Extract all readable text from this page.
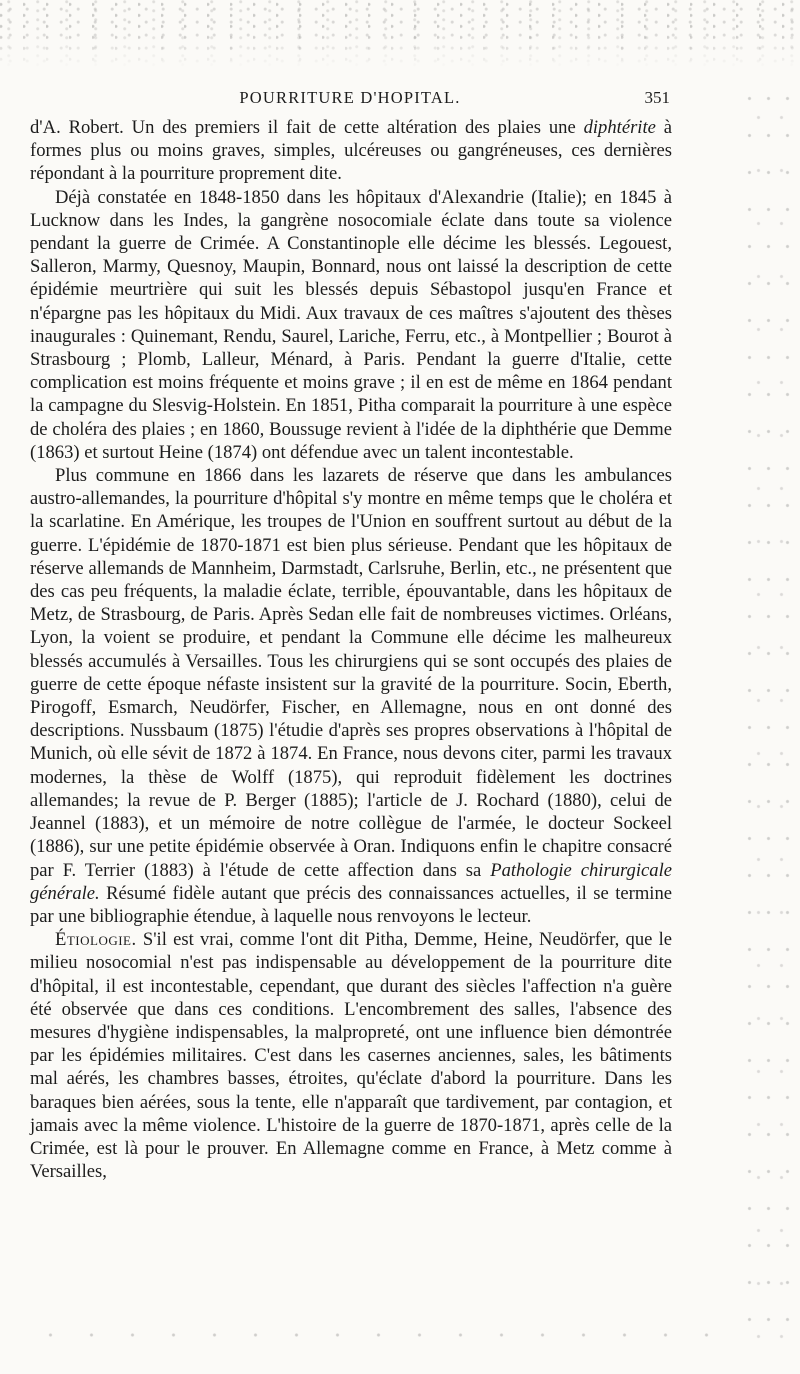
POURRITURE D'HOPITAL.	351

d'A. Robert. Un des premiers il fait de cette altération des plaies une diphtérite à formes plus ou moins graves, simples, ulcéreuses ou gangréneuses, ces dernières répondant à la pourriture proprement dite.

Déjà constatée en 1848-1850 dans les hôpitaux d'Alexandrie (Italie); en 1845 à Lucknow dans les Indes, la gangrène nosocomiale éclate dans toute sa violence pendant la guerre de Crimée. A Constantinople elle décime les blessés. Legouest, Salleron, Marmy, Quesnoy, Maupin, Bonnard, nous ont laissé la description de cette épidémie meurtrière qui suit les blessés depuis Sébastopol jusqu'en France et n'épargne pas les hôpitaux du Midi. Aux travaux de ces maîtres s'ajoutent des thèses inaugurales : Quinemant, Rendu, Saurel, Lariche, Ferru, etc., à Montpellier ; Bourot à Strasbourg ; Plomb, Lalleur, Ménard, à Paris. Pendant la guerre d'Italie, cette complication est moins fréquente et moins grave ; il en est de même en 1864 pendant la campagne du Slesvig-Holstein. En 1851, Pitha comparait la pourriture à une espèce de choléra des plaies ; en 1860, Boussuge revient à l'idée de la diphthérie que Demme (1863) et surtout Heine (1874) ont défendue avec un talent incontestable.

Plus commune en 1866 dans les lazarets de réserve que dans les ambulances austro-allemandes, la pourriture d'hôpital s'y montre en même temps que le choléra et la scarlatine. En Amérique, les troupes de l'Union en souffrent surtout au début de la guerre. L'épidémie de 1870-1871 est bien plus sérieuse. Pendant que les hôpitaux de réserve allemands de Mannheim, Darmstadt, Carlsruhe, Berlin, etc., ne présentent que des cas peu fréquents, la maladie éclate, terrible, épouvantable, dans les hôpitaux de Metz, de Strasbourg, de Paris. Après Sedan elle fait de nombreuses victimes. Orléans, Lyon, la voient se produire, et pendant la Commune elle décime les malheureux blessés accumulés à Versailles. Tous les chirurgiens qui se sont occupés des plaies de guerre de cette époque néfaste insistent sur la gravité de la pourriture. Socin, Eberth, Pirogoff, Esmarch, Neudörfer, Fischer, en Allemagne, nous en ont donné des descriptions. Nussbaum (1875) l'étudie d'après ses propres observations à l'hôpital de Munich, où elle sévit de 1872 à 1874. En France, nous devons citer, parmi les travaux modernes, la thèse de Wolff (1875), qui reproduit fidèlement les doctrines allemandes; la revue de P. Berger (1885); l'article de J. Rochard (1880), celui de Jeannel (1883), et un mémoire de notre collègue de l'armée, le docteur Sockeel (1886), sur une petite épidémie observée à Oran. Indiquons enfin le chapitre consacré par F. Terrier (1883) à l'étude de cette affection dans sa Pathologie chirurgicale générale. Résumé fidèle autant que précis des connaissances actuelles, il se termine par une bibliographie étendue, à laquelle nous renvoyons le lecteur.

Étiologie. S'il est vrai, comme l'ont dit Pitha, Demme, Heine, Neudörfer, que le milieu nosocomial n'est pas indispensable au développement de la pourriture dite d'hôpital, il est incontestable, cependant, que durant des siècles l'affection n'a guère été observée que dans ces conditions. L'encombrement des salles, l'absence des mesures d'hygiène indispensables, la malpropreté, ont une influence bien démontrée par les épidémies militaires. C'est dans les casernes anciennes, sales, les bâtiments mal aérés, les chambres basses, étroites, qu'éclate d'abord la pourriture. Dans les baraques bien aérées, sous la tente, elle n'apparaît que tardivement, par contagion, et jamais avec la même violence. L'histoire de la guerre de 1870-1871, après celle de la Crimée, est là pour le prouver. En Allemagne comme en France, à Metz comme à Versailles,
